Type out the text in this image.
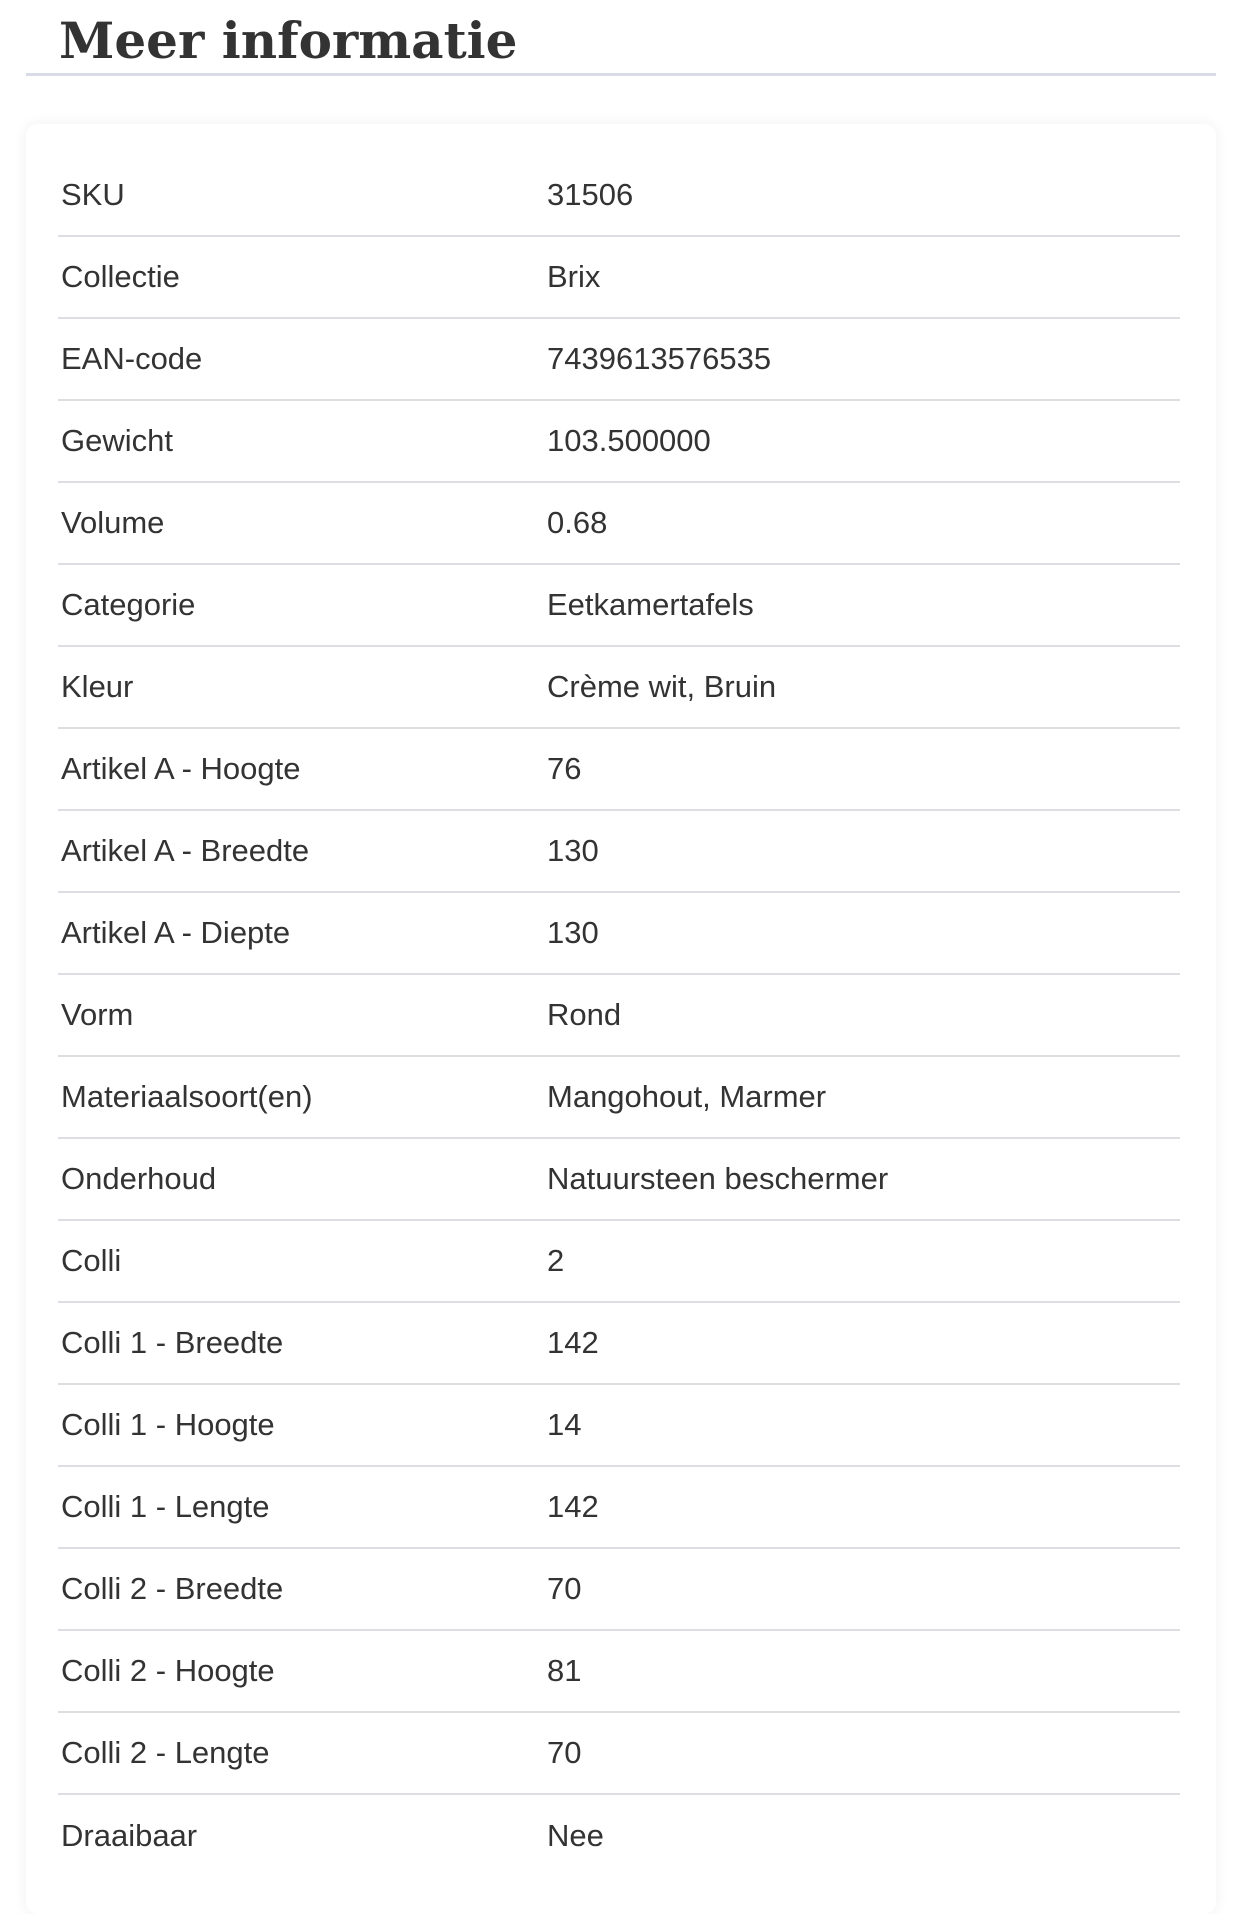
Meer informatie
SKU	31506
Collectie	Brix
EAN-code	7439613576535
Gewicht	103.500000
Volume	0.68
Categorie	Eetkamertafels
Kleur	Crème wit, Bruin
Artikel A - Hoogte	76
Artikel A - Breedte	130
Artikel A - Diepte	130
Vorm	Rond
Materiaalsoort(en)	Mangohout, Marmer
Onderhoud	Natuursteen beschermer
Colli	2
Colli 1 - Breedte	142
Colli 1 - Hoogte	14
Colli 1 - Lengte	142
Colli 2 - Breedte	70
Colli 2 - Hoogte	81
Colli 2 - Lengte	70
Draaibaar	Nee
